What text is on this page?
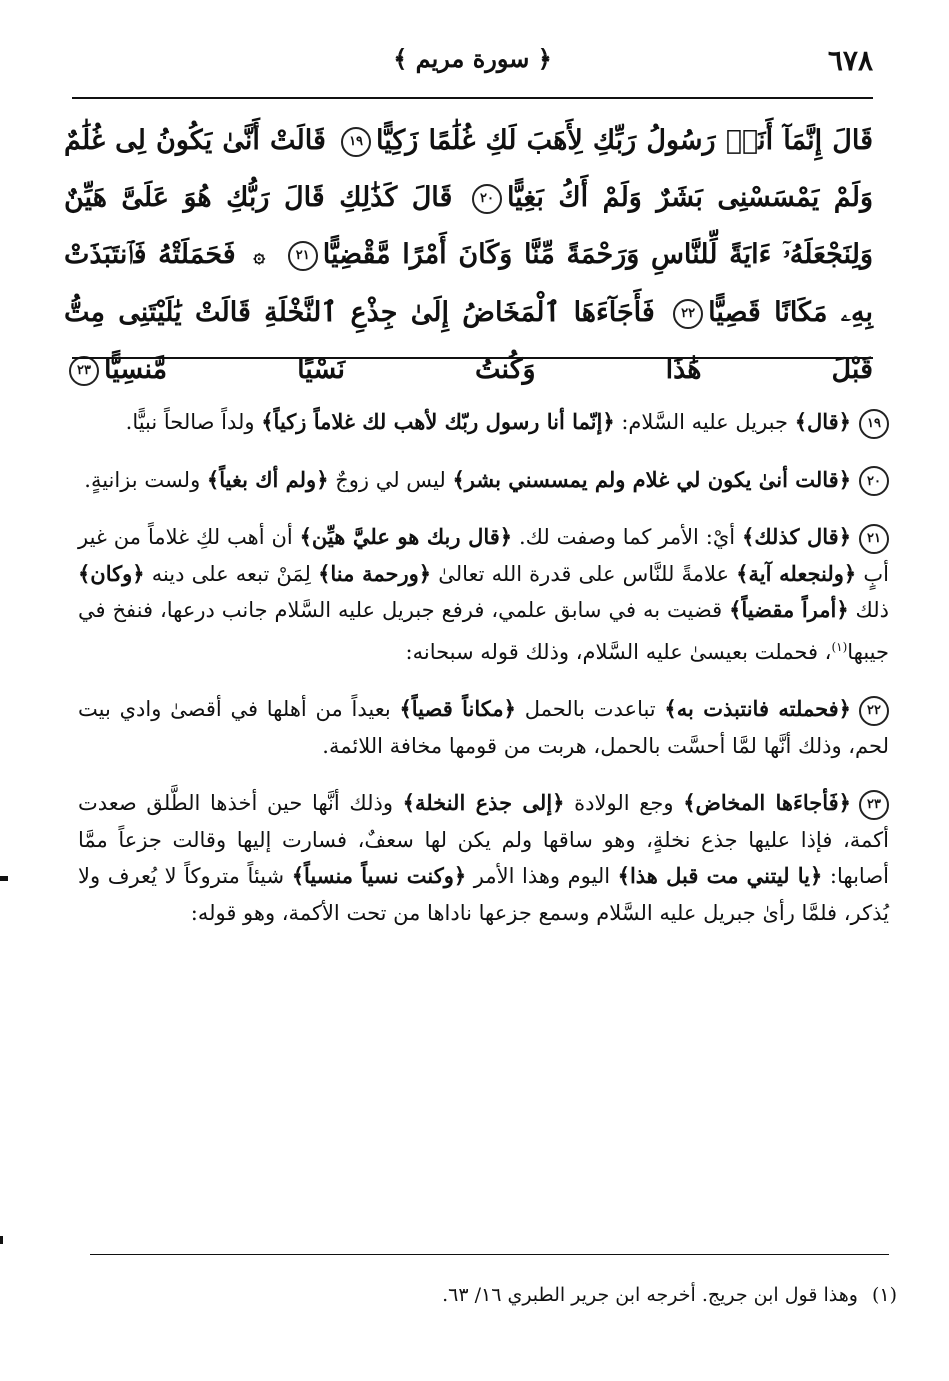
٦٧٨
﴿ سورة مريم ﴾
قَالَ إِنَّمَآ أَنَا۠ رَسُولُ رَبِّكِ لِأَهَبَ لَكِ غُلَٰمًا زَكِيًّا١٩ قَالَتْ أَنَّىٰ يَكُونُ لِى غُلَٰمٌ وَلَمْ يَمْسَسْنِى بَشَرٌ وَلَمْ أَكُ بَغِيًّا٢٠ قَالَ كَذَٰلِكِ قَالَ رَبُّكِ هُوَ عَلَىَّ هَيِّنٌ وَلِنَجْعَلَهُۥٓ ءَايَةً لِّلنَّاسِ وَرَحْمَةً مِّنَّا وَكَانَ أَمْرًا مَّقْضِيًّا٢١ ۞ فَحَمَلَتْهُ فَٱنتَبَذَتْ بِهِۦ مَكَانًا قَصِيًّا٢٢ فَأَجَآءَهَا ٱلْمَخَاضُ إِلَىٰ جِذْعِ ٱلنَّخْلَةِ قَالَتْ يَٰلَيْتَنِى مِتُّ قَبْلَ هَٰذَا وَكُنتُ نَسْيًا مَّنسِيًّا٢٣

١٩﴿قال﴾ جبريل عليه السَّلام: ﴿إنّما أنا رسول ربّك لأهب لك غلاماً زكياً﴾ ولداً صالحاً نبيًّا.

٢٠﴿قالت أنىٰ يكون لي غلام ولم يمسسني بشر﴾ ليس لي زوجٌ ﴿ولم أك بغياً﴾ ولست بزانيةٍ.

٢١﴿قال كذلك﴾ أيْ: الأمر كما وصفت لك. ﴿قال ربك هو عليَّ هيِّن﴾ أن أهب لكِ غلاماً من غير أبٍ ﴿ولنجعله آية﴾ علامةً للنَّاس على قدرة الله تعالىٰ ﴿ورحمة منا﴾ لِمَنْ تبعه على دينه ﴿وكان﴾ ذلك ﴿أمراً مقضياً﴾ قضيت به في سابق علمي، فرفع جبريل عليه السَّلام جانب درعها، فنفخ في جيبها$^{(١)}$، فحملت بعيسىٰ عليه السَّلام، وذلك قوله سبحانه:

٢٢﴿فحملته فانتبذت به﴾ تباعدت بالحمل ﴿مكاناً قصياً﴾ بعيداً من أهلها في أقصىٰ وادي بيت لحم، وذلك أنَّها لمَّا أحسَّت بالحمل، هربت من قومها مخافة اللائمة.

٢٣﴿فَأجاءَها المخاض﴾ وجع الولادة ﴿إلى جذع النخلة﴾ وذلك أنَّها حين أخذها الطَّلق صعدت أكمة، فإذا عليها جذع نخلةٍ، وهو ساقها ولم يكن لها سعفٌ، فسارت إليها وقالت جزعاً ممَّا أصابها: ﴿يا ليتني مت قبل هذا﴾ اليوم وهذا الأمر ﴿وكنت نسياً منسياً﴾ شيئاً متروكاً لا يُعرف ولا يُذكر، فلمَّا رأىٰ جبريل عليه السَّلام وسمع جزعها ناداها من تحت الأكمة، وهو قوله:

(١)وهذا قول ابن جريج. أخرجه ابن جرير الطبري ١٦/ ٦٣.
